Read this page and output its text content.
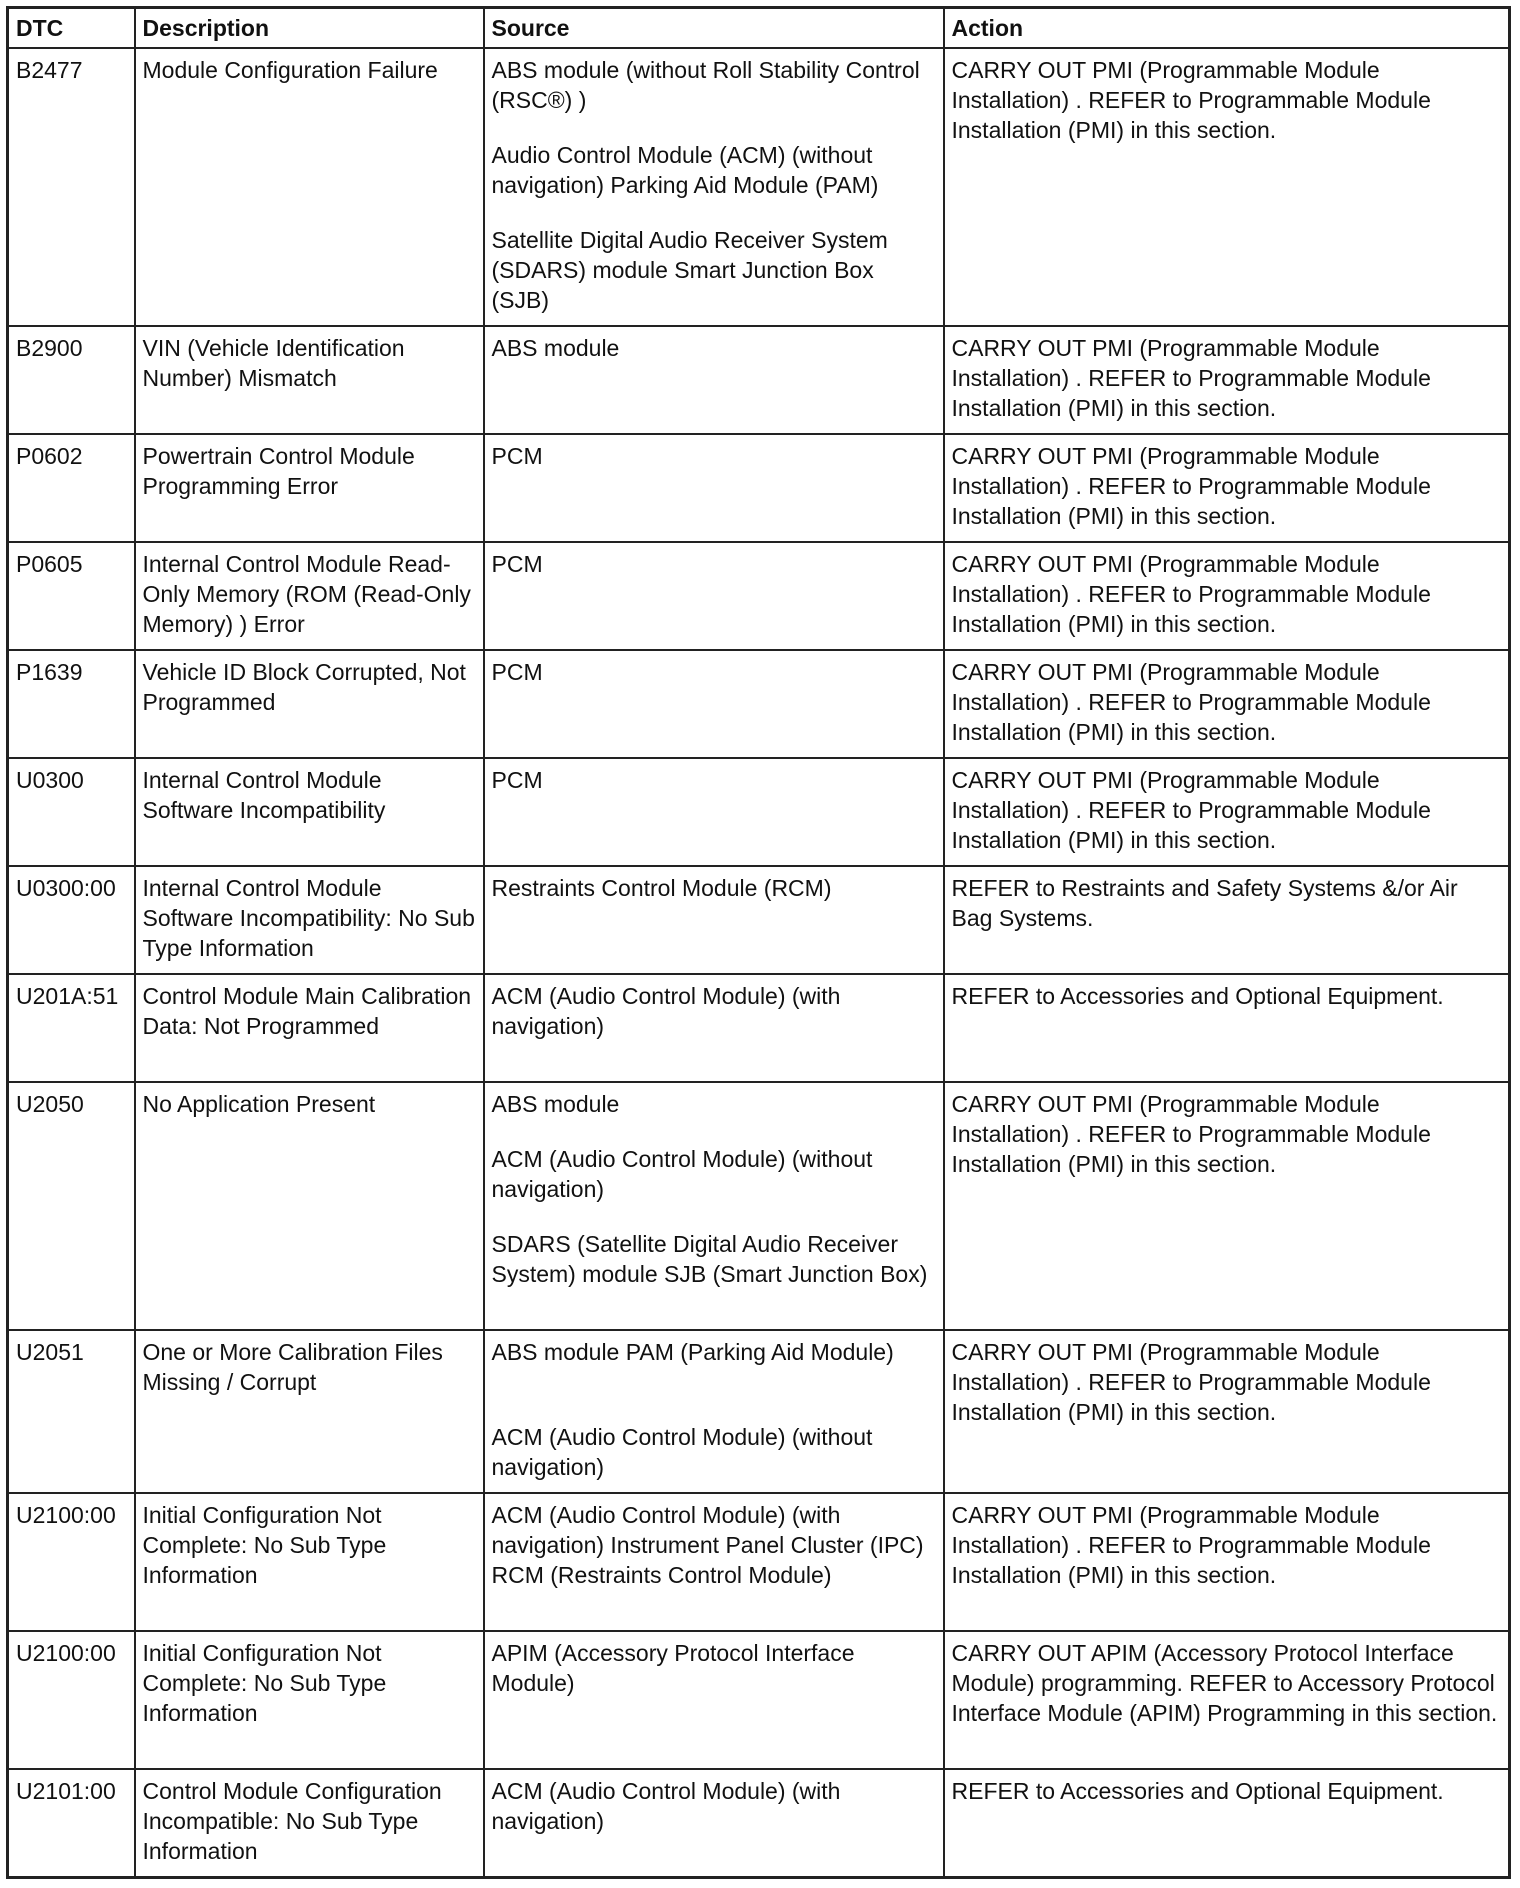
DTC	Description	Source	Action
B2477	Module Configuration Failure	ABS module (without Roll Stability Control (RSC®) )
Audio Control Module (ACM) (without navigation) Parking Aid Module (PAM)
Satellite Digital Audio Receiver System (SDARS) module Smart Junction Box (SJB)	CARRY OUT PMI (Programmable Module Installation) . REFER to Programmable Module Installation (PMI) in this section.
B2900	VIN (Vehicle Identification Number) Mismatch	ABS module	CARRY OUT PMI (Programmable Module Installation) . REFER to Programmable Module Installation (PMI) in this section.
P0602	Powertrain Control Module Programming Error	PCM	CARRY OUT PMI (Programmable Module Installation) . REFER to Programmable Module Installation (PMI) in this section.
P0605	Internal Control Module Read-Only Memory (ROM (Read-Only Memory) ) Error	PCM	CARRY OUT PMI (Programmable Module Installation) . REFER to Programmable Module Installation (PMI) in this section.
P1639	Vehicle ID Block Corrupted, Not Programmed	PCM	CARRY OUT PMI (Programmable Module Installation) . REFER to Programmable Module Installation (PMI) in this section.
U0300	Internal Control Module Software Incompatibility	PCM	CARRY OUT PMI (Programmable Module Installation) . REFER to Programmable Module Installation (PMI) in this section.
U0300:00	Internal Control Module Software Incompatibility: No Sub Type Information	Restraints Control Module (RCM)	REFER to Restraints and Safety Systems &/or Air Bag Systems.
U201A:51	Control Module Main Calibration Data: Not Programmed	ACM (Audio Control Module) (with navigation)	REFER to Accessories and Optional Equipment.
U2050	No Application Present	ABS module
ACM (Audio Control Module) (without navigation)
SDARS (Satellite Digital Audio Receiver System) module SJB (Smart Junction Box)	CARRY OUT PMI (Programmable Module Installation) . REFER to Programmable Module Installation (PMI) in this section.
U2051	One or More Calibration Files Missing / Corrupt	ABS module PAM (Parking Aid Module)
ACM (Audio Control Module) (without navigation)	CARRY OUT PMI (Programmable Module Installation) . REFER to Programmable Module Installation (PMI) in this section.
U2100:00	Initial Configuration Not Complete: No Sub Type Information	ACM (Audio Control Module) (with navigation) Instrument Panel Cluster (IPC) RCM (Restraints Control Module)	CARRY OUT PMI (Programmable Module Installation) . REFER to Programmable Module Installation (PMI) in this section.
U2100:00	Initial Configuration Not Complete: No Sub Type Information	APIM (Accessory Protocol Interface Module)	CARRY OUT APIM (Accessory Protocol Interface Module) programming. REFER to Accessory Protocol Interface Module (APIM) Programming in this section.
U2101:00	Control Module Configuration Incompatible: No Sub Type Information	ACM (Audio Control Module) (with navigation)	REFER to Accessories and Optional Equipment.
